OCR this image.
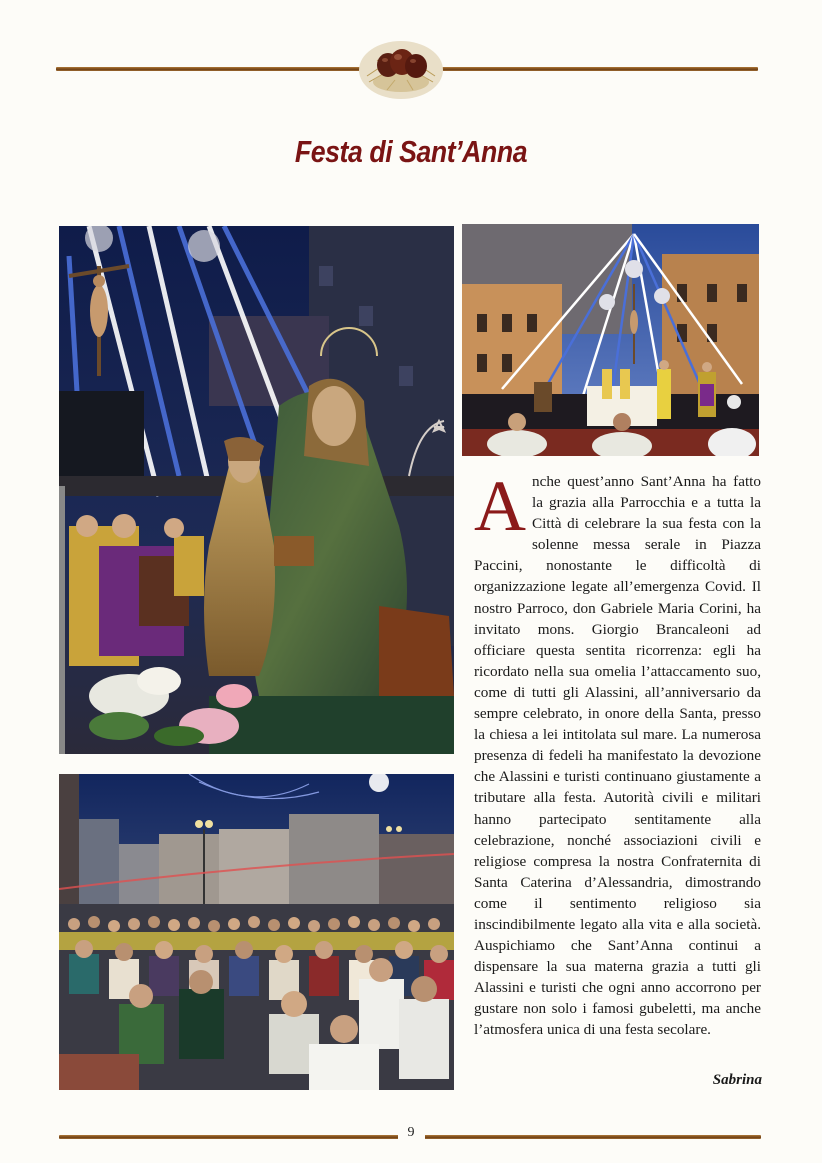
Festa di Sant’Anna
A nche quest’anno Sant’Anna ha fatto la grazia alla Parrocchia e a tutta la Città di celebrare la sua festa con la solenne messa serale in Piazza Paccini, nonostante le difficoltà di organizzazione legate all’emergenza Covid. Il nostro Parroco, don Gabriele Maria Corini, ha invitato mons. Giorgio Brancaleoni ad officiare questa sentita ricorrenza: egli ha ricordato nella sua omelia l’attaccamento suo, come di tutti gli Alassini, all’anniversario da sempre celebrato, in onore della Santa, presso la chiesa a lei intitolata sul mare. La numerosa presenza di fedeli ha manifestato la devozione che Alassini e turisti continuano giustamente a tributare alla festa. Autorità civili e militari hanno partecipato sentitamente alla celebrazione, nonché associazioni civili e religiose compresa la nostra Confraternita di Santa Caterina d’Alessandria, dimostrando come il sentimento religioso sia inscindibilmente legato alla vita e alla società. Auspichiamo che Sant’Anna continui a dispensare la sua materna grazia a tutti gli Alassini e turisti che ogni anno accorrono per gustare non solo i famosi gubeletti, ma anche l’atmosfera unica di una festa secolare.
Sabrina
9
